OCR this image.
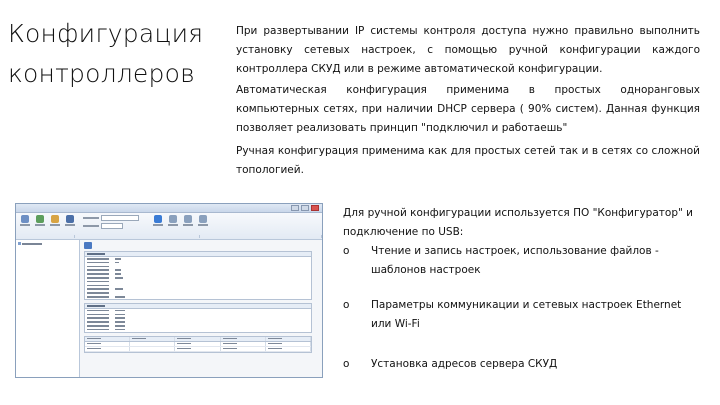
Конфигурация
контроллеров

При развертывании IP системы контроля доступа нужно правильно выполнить установку сетевых настроек, с помощью ручной конфигурации каждого контроллера СКУД или в режиме автоматической конфигурации.

Автоматическая конфигурация применима в простых одноранговых компьютерных сетях, при наличии DHCP сервера ( 90% систем). Данная функция позволяет реализовать принцип "подключил и работаешь"

Ручная конфигурация применима как для простых сетей так и в сетях со сложной топологией.

Для ручной конфигурации используется ПО "Конфигуратор" и подключение по USB:

o	Чтение и запись настроек, использование файлов - шаблонов настроек
o	Параметры коммуникации и сетевых настроек Ethernet или Wi-Fi
o	Установка адресов сервера СКУД
